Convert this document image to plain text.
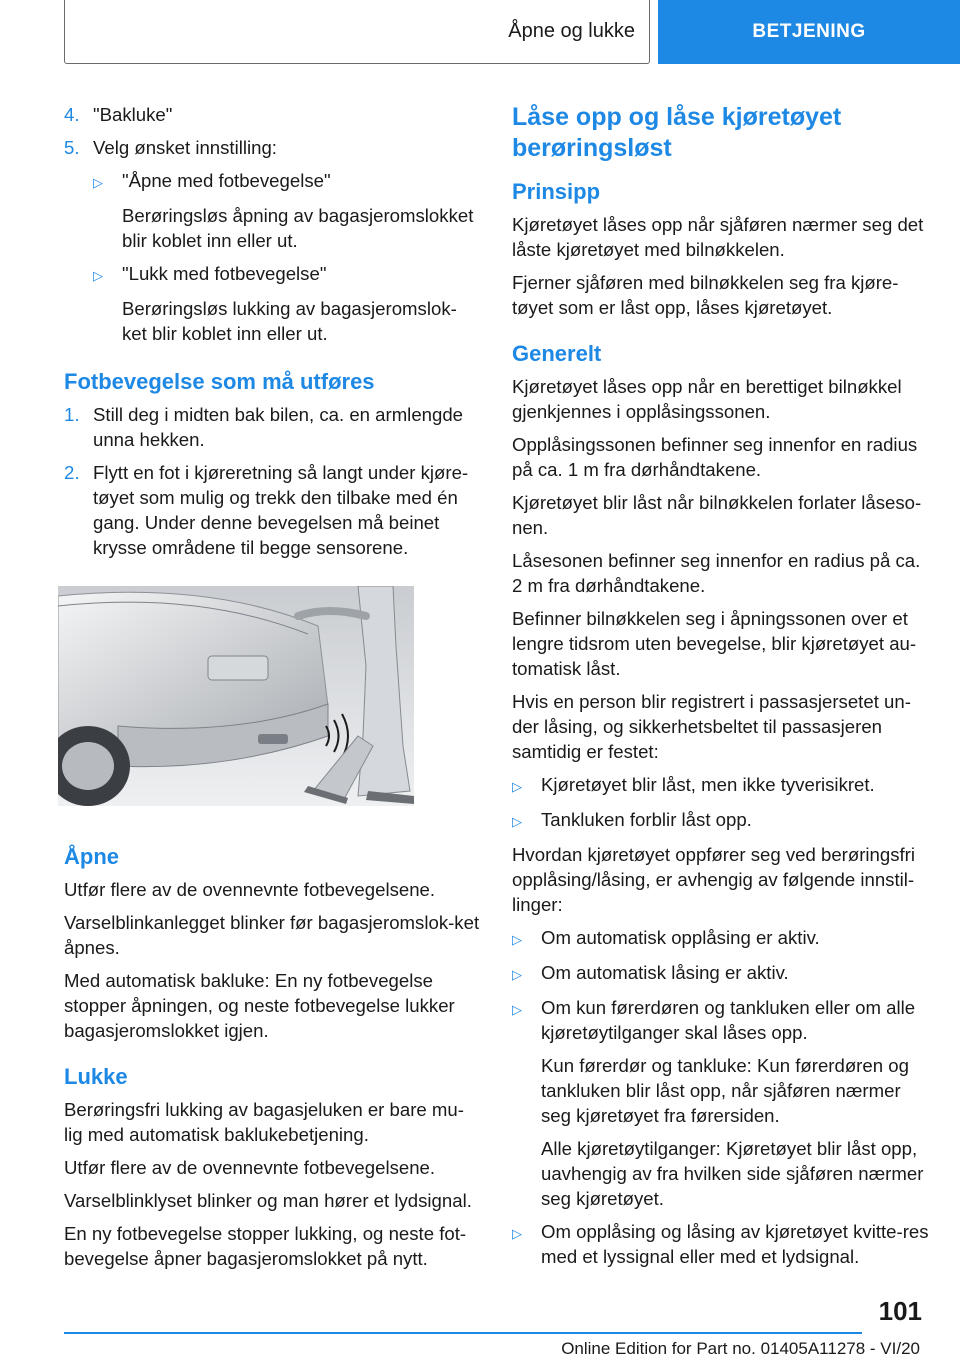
Åpne og lukke	BETJENING
4. "Bakluke"
5. Velg ønsket innstilling:
▷	"Åpne med fotbevegelse"

Berøringsløs åpning av bagasjeromslokket blir koblet inn eller ut.

▷	"Lukk med fotbevegelse"

Berøringsløs lukking av bagasjeromslok-ket blir koblet inn eller ut.

Fotbevegelse som må utføres
1. Still deg i midten bak bilen, ca. en armlengde unna hekken.
2. Flytt en fot i kjøreretning så langt under kjøre-tøyet som mulig og trekk den tilbake med én gang. Under denne bevegelsen må beinet krysse områdene til begge sensorene.
Åpne

Utfør flere av de ovennevnte fotbevegelsene.

Varselblinkanlegget blinker før bagasjeromslok-ket åpnes.

Med automatisk bakluke: En ny fotbevegelse stopper åpningen, og neste fotbevegelse lukker bagasjeromslokket igjen.

Lukke

Berøringsfri lukking av bagasjeluken er bare mu-lig med automatisk baklukebetjening.

Utfør flere av de ovennevnte fotbevegelsene.

Varselblinklyset blinker og man hører et lydsignal.

En ny fotbevegelse stopper lukking, og neste fot-bevegelse åpner bagasjeromslokket på nytt.

Låse opp og låse kjøretøyet berøringsløst
Prinsipp

Kjøretøyet låses opp når sjåføren nærmer seg det låste kjøretøyet med bilnøkkelen.

Fjerner sjåføren med bilnøkkelen seg fra kjøre-tøyet som er låst opp, låses kjøretøyet.

Generelt

Kjøretøyet låses opp når en berettiget bilnøkkel gjenkjennes i opplåsingssonen.

Opplåsingssonen befinner seg innenfor en radius på ca. 1 m fra dørhåndtakene.

Kjøretøyet blir låst når bilnøkkelen forlater låseso-nen.

Låsesonen befinner seg innenfor en radius på ca. 2 m fra dørhåndtakene.

Befinner bilnøkkelen seg i åpningssonen over et lengre tidsrom uten bevegelse, blir kjøretøyet au-tomatisk låst.

Hvis en person blir registrert i passasjersetet un-der låsing, og sikkerhetsbeltet til passasjeren samtidig er festet:

▷	Kjøretøyet blir låst, men ikke tyverisikret.
▷	Tankluken forblir låst opp.

Hvordan kjøretøyet oppfører seg ved berøringsfri opplåsing/låsing, er avhengig av følgende innstil-linger:

▷	Om automatisk opplåsing er aktiv.
▷	Om automatisk låsing er aktiv.
▷	Om kun førerdøren og tankluken eller om alle kjøretøytilganger skal låses opp.

Kun førerdør og tankluke: Kun førerdøren og tankluken blir låst opp, når sjåføren nærmer seg kjøretøyet fra førersiden.

Alle kjøretøytilganger: Kjøretøyet blir låst opp, uavhengig av fra hvilken side sjåføren nærmer seg kjøretøyet.

▷	Om opplåsing og låsing av kjøretøyet kvitte-res med et lyssignal eller med et lydsignal.
101
Online Edition for Part no. 01405A11278 - VI/20
